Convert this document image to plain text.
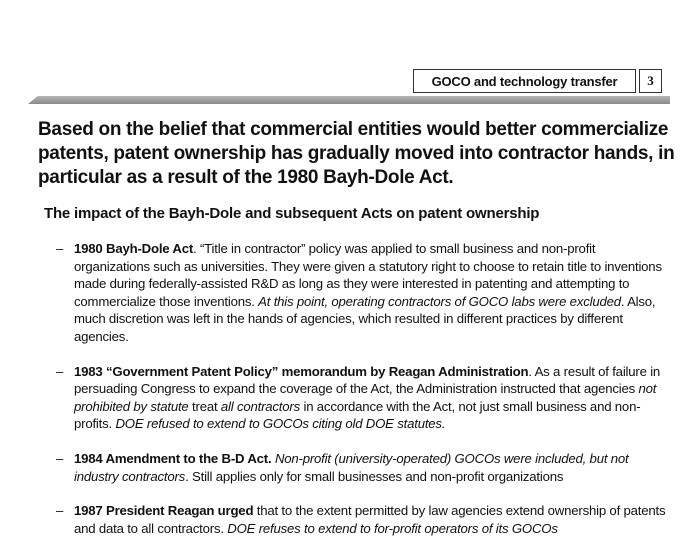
GOCO and technology transfer 3

Based on the belief that commercial entities would better commercialize patents, patent ownership has gradually moved into contractor hands, in particular as a result of the 1980 Bayh-Dole Act.

The impact of the Bayh-Dole and subsequent Acts on patent ownership

– 1980 Bayh-Dole Act. “Title in contractor” policy was applied to small business and non-profit organizations such as universities. They were given a statutory right to choose to retain title to inventions made during federally-assisted R&D as long as they were interested in patenting and attempting to commercialize those inventions. At this point, operating contractors of GOCO labs were excluded. Also, much discretion was left in the hands of agencies, which resulted in different practices by different agencies.
– 1983 “Government Patent Policy” memorandum by Reagan Administration. As a result of failure in persuading Congress to expand the coverage of the Act, the Administration instructed that agencies not prohibited by statute treat all contractors in accordance with the Act, not just small business and non-profits. DOE refused to extend to GOCOs citing old DOE statutes.
– 1984 Amendment to the B-D Act. Non-profit (university-operated) GOCOs were included, but not industry contractors. Still applies only for small businesses and non-profit organizations
– 1987 President Reagan urged that to the extent permitted by law agencies extend ownership of patents and data to all contractors. DOE refuses to extend to for-profit operators of its GOCOs
